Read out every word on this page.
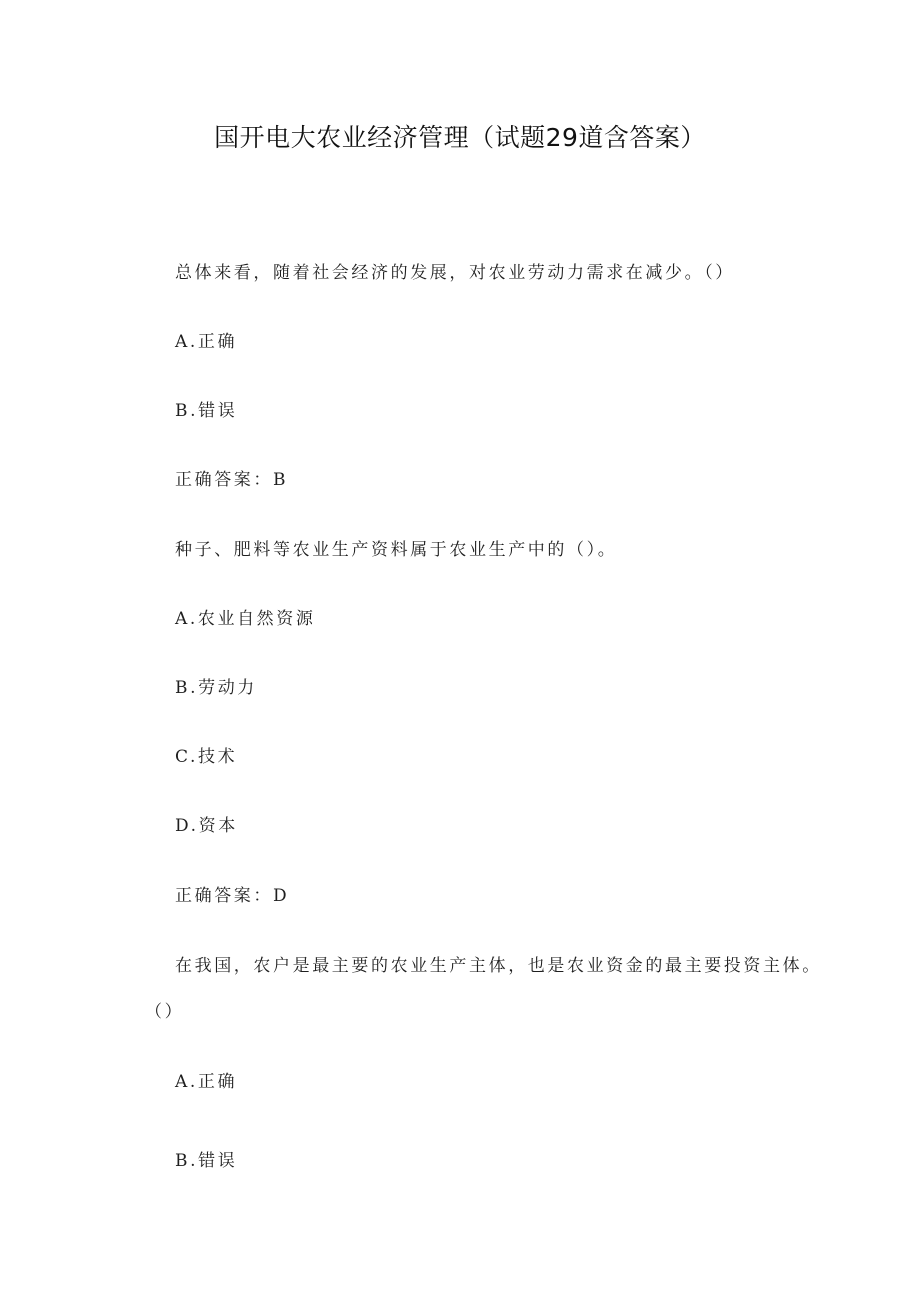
国开电大农业经济管理（试题29道含答案）
总体来看，随着社会经济的发展，对农业劳动力需求在减少。（）
A.正确
B.错误
正确答案：B
种子、肥料等农业生产资料属于农业生产中的（）。
A.农业自然资源
B.劳动力
C.技术
D.资本
正确答案：D
在我国，农户是最主要的农业生产主体，也是农业资金的最主要投资主体。
（）
A.正确
B.错误
